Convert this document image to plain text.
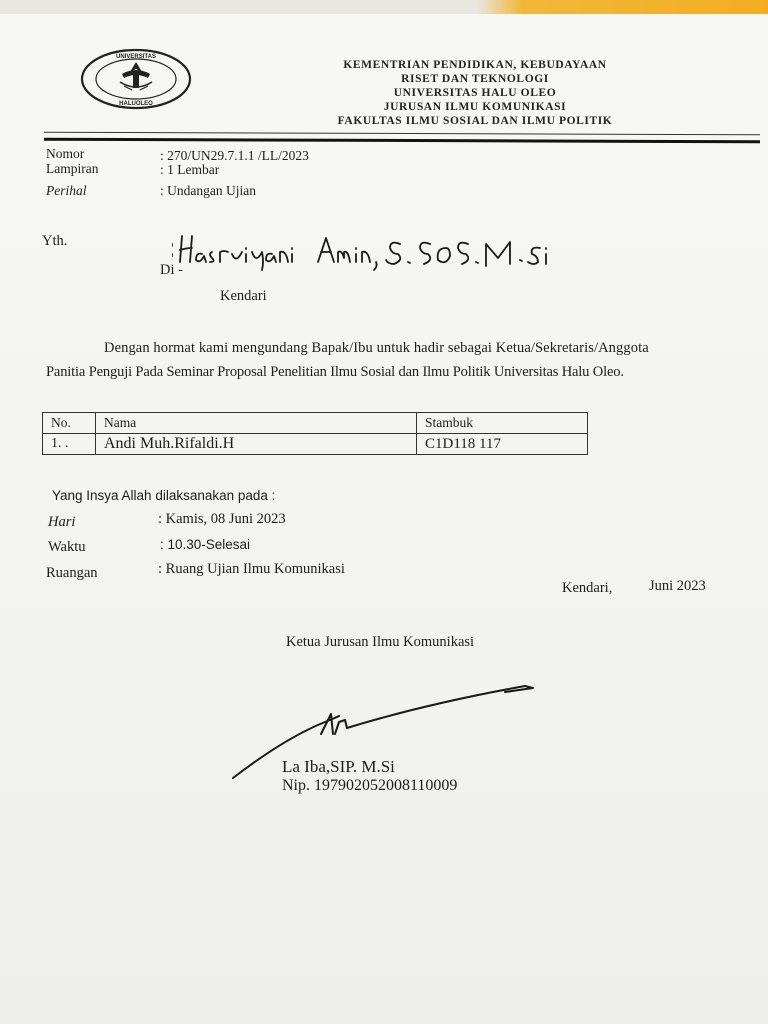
UNIVERSITAS
HALUOLEO
KEMENTRIAN PENDIDIKAN, KEBUDAYAAN
RISET DAN TEKNOLOGI
UNIVERSITAS HALU OLEO
JURUSAN ILMU KOMUNIKASI
FAKULTAS ILMU SOSIAL DAN ILMU POLITIK
Nomor	: 270/UN29.7.1.1 /LL/2023
Lampiran	: 1 Lembar
Perihal	: Undangan Ujian
Yth.
Di -
Kendari
Dengan hormat kami mengundang Bapak/Ibu untuk hadir sebagai Ketua/Sekretaris/Anggota
Panitia Penguji Pada Seminar Proposal Penelitian Ilmu Sosial dan Ilmu Politik Universitas Halu Oleo.
No.	Nama	Stambuk
1. .	Andi Muh.Rifaldi.H	C1D118 117
Yang Insya Allah dilaksanakan pada :
Hari	: Kamis, 08 Juni 2023
Waktu	: 10.30-Selesai
Ruangan	: Ruang Ujian Ilmu Komunikasi
Kendari,	Juni 2023
Ketua Jurusan Ilmu Komunikasi
La Iba,SIP. M.Si
Nip. 197902052008110009
